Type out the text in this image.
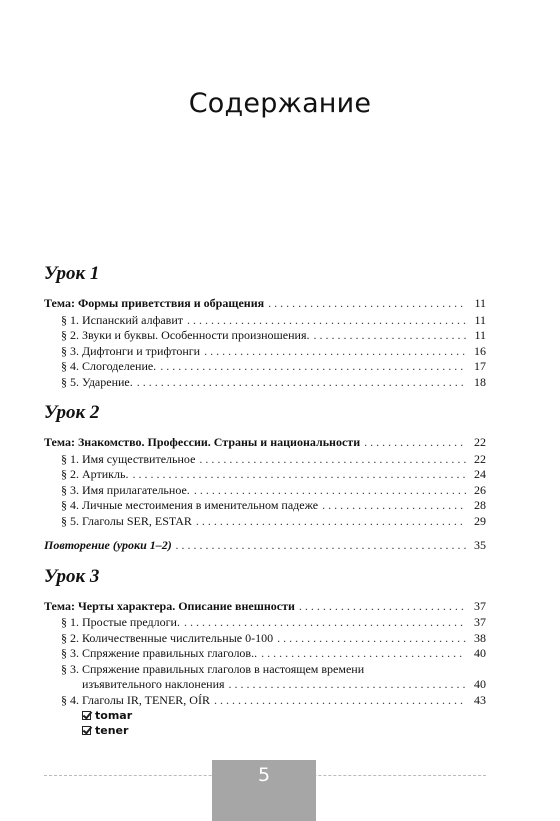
Содержание
Урок 1
Тема: Формы приветствия и обращения . . .	11
§ 1. Испанский алфавит . . .	11
§ 2. Звуки и буквы. Особенности произношения. . . .	11
§ 3. Дифтонги и трифтонги . . .	16
§ 4. Слогоделение. . . .	17
§ 5. Ударение. . . .	18
Урок 2
Тема: Знакомство. Профессии. Страны и национальности . . .	22
§ 1. Имя существительное . . .	22
§ 2. Артикль. . . .	24
§ 3. Имя прилагательное. . . .	26
§ 4. Личные местоимения в именительном падеже . . .	28
§ 5. Глаголы SER, ESTAR . . .	29
Повторение (уроки 1–2) . . .	35
Урок 3
Тема: Черты характера. Описание внешности . . .	37
§ 1. Простые предлоги. . . .	37
§ 2. Количественные числительные 0-100 . . .	38
§ 3. Спряжение правильных глаголов.. . . .	40
§ 3. Спряжение правильных глаголов в настоящем времени
изъявительного наклонения . . .	40
§ 4. Глаголы IR, TENER, OÍR . . .	43
tomar
tener
5
